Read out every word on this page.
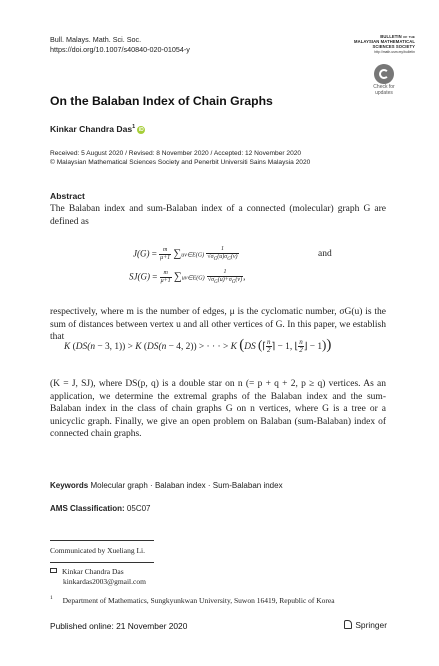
Bull. Malays. Math. Sci. Soc.
https://doi.org/10.1007/s40840-020-01054-y
BULLETIN of the
MALAYSIAN MATHEMATICAL
SCIENCES SOCIETY
http://math.usm.my/bulletin
Check for
updates
On the Balaban Index of Chain Graphs
Kinkar Chandra Das$^1$ iD
Received: 5 August 2020 / Revised: 8 November 2020 / Accepted: 12 November 2020
© Malaysian Mathematical Sciences Society and Penerbit Universiti Sains Malaysia 2020
Abstract
The Balaban index and sum-Balaban index of a connected (molecular) graph G are defined as
$J(G) = \frac{m}{\mu+1}$ ∑uv∈E(G) $\frac{1}{√\sigma_G(u)\sigma_G(v)}$	and
$SJ(G) = \frac{m}{\mu+1}$ ∑uv∈E(G) $\frac{1}{√\sigma_G(u)+\sigma_G(v)}$ ,
respectively, where m is the number of edges, μ is the cyclomatic number, σG(u) is the sum of distances between vertex u and all other vertices of G. In this paper, we establish that
K (DS(n − 3, 1)) > K (DS(n − 4, 2)) > · · · > K (DS (⌈ $\frac{n}{2}$ ⌉ − 1, ⌊ $\frac{n}{2}$ ⌋ − 1))
(K = J, SJ), where DS(p, q) is a double star on n (= p + q + 2, p ≥ q) vertices. As an application, we determine the extremal graphs of the Balaban index and the sum-Balaban index in the class of chain graphs G on n vertices, where G is a tree or a unicyclic graph. Finally, we give an open problem on Balaban (sum-Balaban) index of connected chain graphs.
Keywords Molecular graph · Balaban index · Sum-Balaban index
AMS Classification: 05C07
Communicated by Xueliang Li.
Kinkar Chandra Das
kinkardas2003@gmail.com
$^1$ Department of Mathematics, Sungkyunkwan University, Suwon 16419, Republic of Korea
Published online: 21 November 2020	Springer
